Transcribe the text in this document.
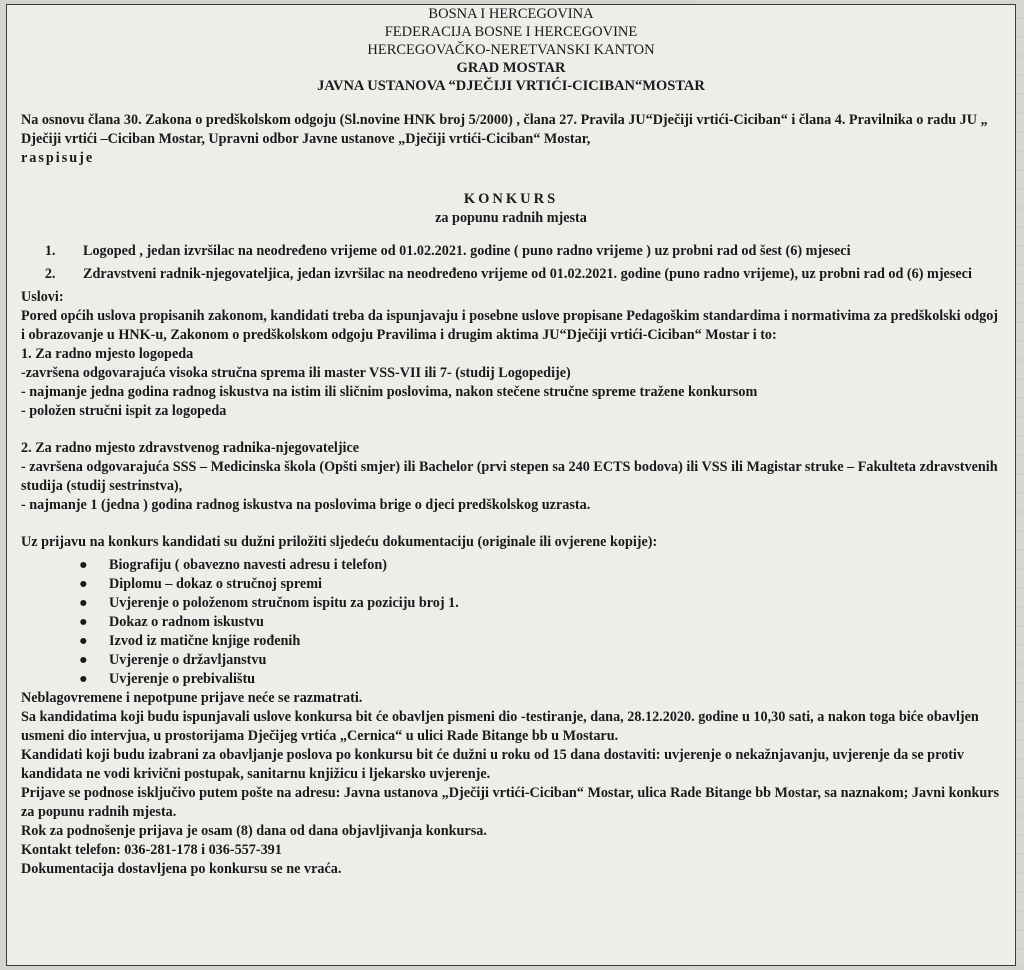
BOSNA I HERCEGOVINA
FEDERACIJA BOSNE I HERCEGOVINE
HERCEGOVAČKO-NERETVANSKI KANTON
GRAD MOSTAR
JAVNA USTANOVA “DJEČIJI VRTIĆI-CICIBAN“MOSTAR

Na osnovu člana 30. Zakona o predškolskom odgoju (Sl.novine HNK broj 5/2000) , člana 27. Pravila JU“Dječiji vrtići-Ciciban“ i člana 4. Pravilnika o radu JU „ Dječiji vrtići –Ciciban Mostar, Upravni odbor Javne ustanove „Dječiji vrtići-Ciciban“ Mostar,
raspisuje

KONKURS
za popunu radnih mjesta
1. Logoped , jedan izvršilac na neodređeno vrijeme od 01.02.2021. godine ( puno radno vrijeme ) uz probni rad od šest (6) mjeseci
2. Zdravstveni radnik-njegovateljica, jedan izvršilac na neodređeno vrijeme od 01.02.2021. godine (puno radno vrijeme), uz probni rad od (6) mjeseci

Uslovi:

Pored općih uslova propisanih zakonom, kandidati treba da ispunjavaju i posebne uslove propisane Pedagoškim standardima i normativima za predškolski odgoj i obrazovanje u HNK-u, Zakonom o predškolskom odgoju Pravilima i drugim aktima JU“Dječiji vrtići-Ciciban“ Mostar i to:

1. Za radno mjesto logopeda

-završena odgovarajuća visoka stručna sprema ili master VSS-VII ili 7- (studij Logopedije)

- najmanje jedna godina radnog iskustva na istim ili sličnim poslovima, nakon stečene stručne spreme tražene konkursom

- položen stručni ispit za logopeda

2. Za radno mjesto zdravstvenog radnika-njegovateljice

- završena odgovarajuća SSS – Medicinska škola (Opšti smjer) ili Bachelor (prvi stepen sa 240 ECTS bodova) ili VSS ili Magistar struke – Fakulteta zdravstvenih studija (studij sestrinstva),

- najmanje 1 (jedna ) godina radnog iskustva na poslovima brige o djeci predškolskog uzrasta.

Uz prijavu na konkurs kandidati su dužni priložiti sljedeću dokumentaciju (originale ili ovjerene kopije):

● Biografiju ( obavezno navesti adresu i telefon)
● Diplomu – dokaz o stručnoj spremi
● Uvjerenje o položenom stručnom ispitu za poziciju broj 1.
● Dokaz o radnom iskustvu
● Izvod iz matične knjige rođenih
● Uvjerenje o državljanstvu
● Uvjerenje o prebivalištu

Neblagovremene i nepotpune prijave neće se razmatrati.

Sa kandidatima koji budu ispunjavali uslove konkursa bit će obavljen pismeni dio -testiranje, dana, 28.12.2020. godine u 10,30 sati, a nakon toga biće obavljen usmeni dio intervjua, u prostorijama Dječijeg vrtića „Cernica“ u ulici Rade Bitange bb u Mostaru.

Kandidati koji budu izabrani za obavljanje poslova po konkursu bit će dužni u roku od 15 dana dostaviti: uvjerenje o nekažnjavanju, uvjerenje da se protiv kandidata ne vodi krivični postupak, sanitarnu knjižicu i ljekarsko uvjerenje.

Prijave se podnose isključivo putem pošte na adresu: Javna ustanova „Dječiji vrtići-Ciciban“ Mostar, ulica Rade Bitange bb Mostar, sa naznakom; Javni konkurs za popunu radnih mjesta.

Rok za podnošenje prijava je osam (8) dana od dana objavljivanja konkursa.

Kontakt telefon: 036-281-178 i 036-557-391

Dokumentacija dostavljena po konkursu se ne vraća.
